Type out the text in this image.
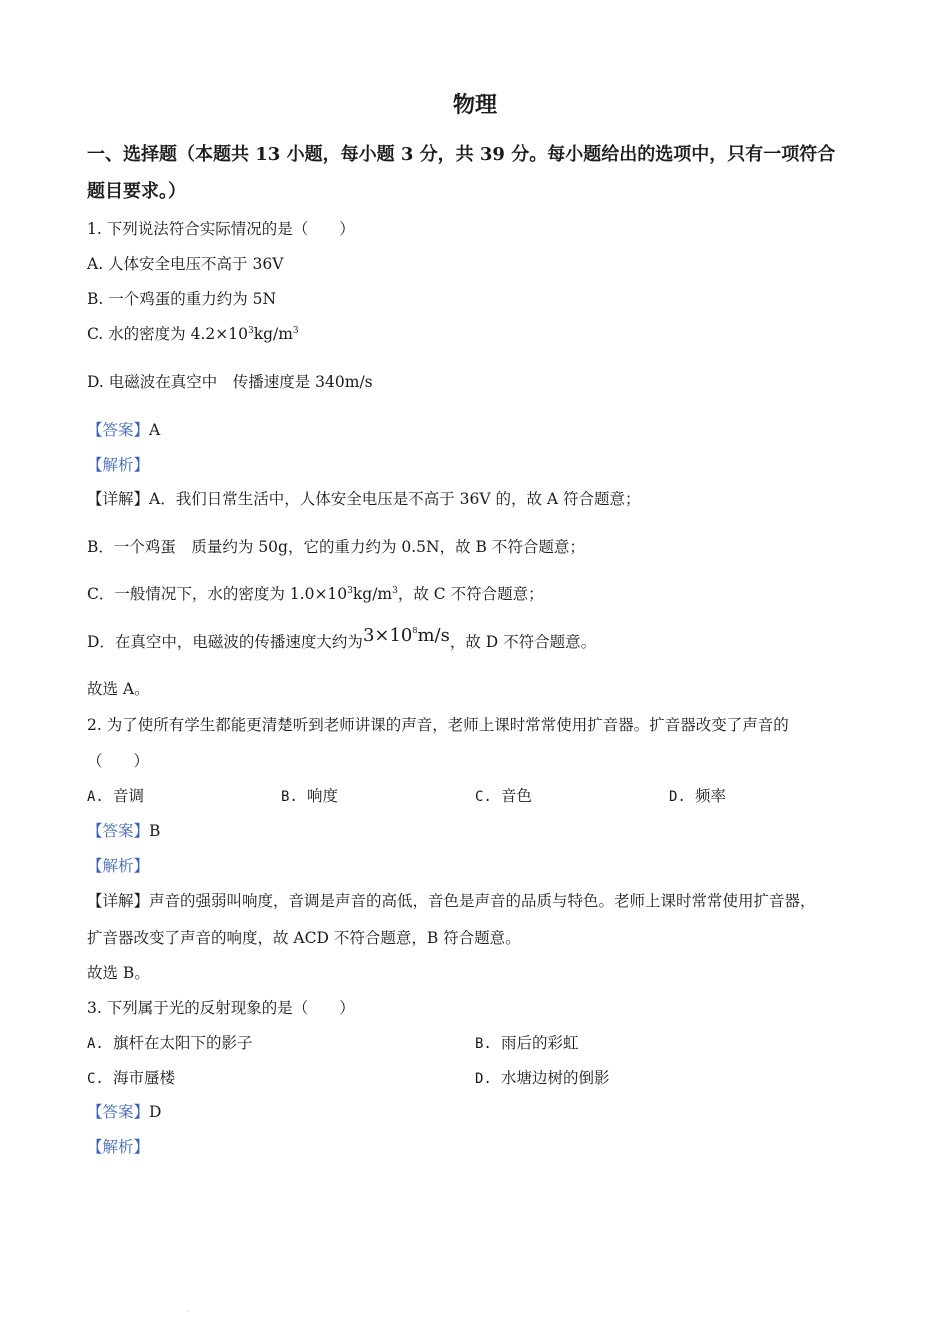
物理
一、选择题（本题共 13 小题，每小题 3 分，共 39 分。每小题给出的选项中，只有一项符合
题目要求。）
1. 下列说法符合实际情况的是（　　）
A. 人体安全电压不高于 36V
B. 一个鸡蛋的重力约为 5N
C. 水的密度为 $4.2\times 10^3kg/m^3$
D. 电磁波在真空中　传播速度是 340m/s
【答案】A
【解析】
【详解】A．我们日常生活中，人体安全电压是不高于 36V 的，故 A 符合题意；
B．一个鸡蛋　质量约为 50g，它的重力约为 0.5N，故 B 不符合题意；
C．一般情况下，水的密度为 $1.0\times 10^3kg/m^3$，故 C 不符合题意；
D．在真空中，电磁波的传播速度大约为$3\times 10^8m/s$，故 D 不符合题意。
故选 A。
2. 为了使所有学生都能更清楚听到老师讲课的声音，老师上课时常常使用扩音器。扩音器改变了声音的
（　　）
A. 音调	B. 响度	C. 音色	D. 频率
【答案】B
【解析】
【详解】声音的强弱叫响度，音调是声音的高低，音色是声音的品质与特色。老师上课时常常使用扩音器，
扩音器改变了声音的响度，故 ACD 不符合题意，B 符合题意。
故选 B。
3. 下列属于光的反射现象的是（　　）
A. 旗杆在太阳下的影子	B. 雨后的彩虹
C. 海市蜃楼	D. 水塘边树的倒影
【答案】D
【解析】
.
